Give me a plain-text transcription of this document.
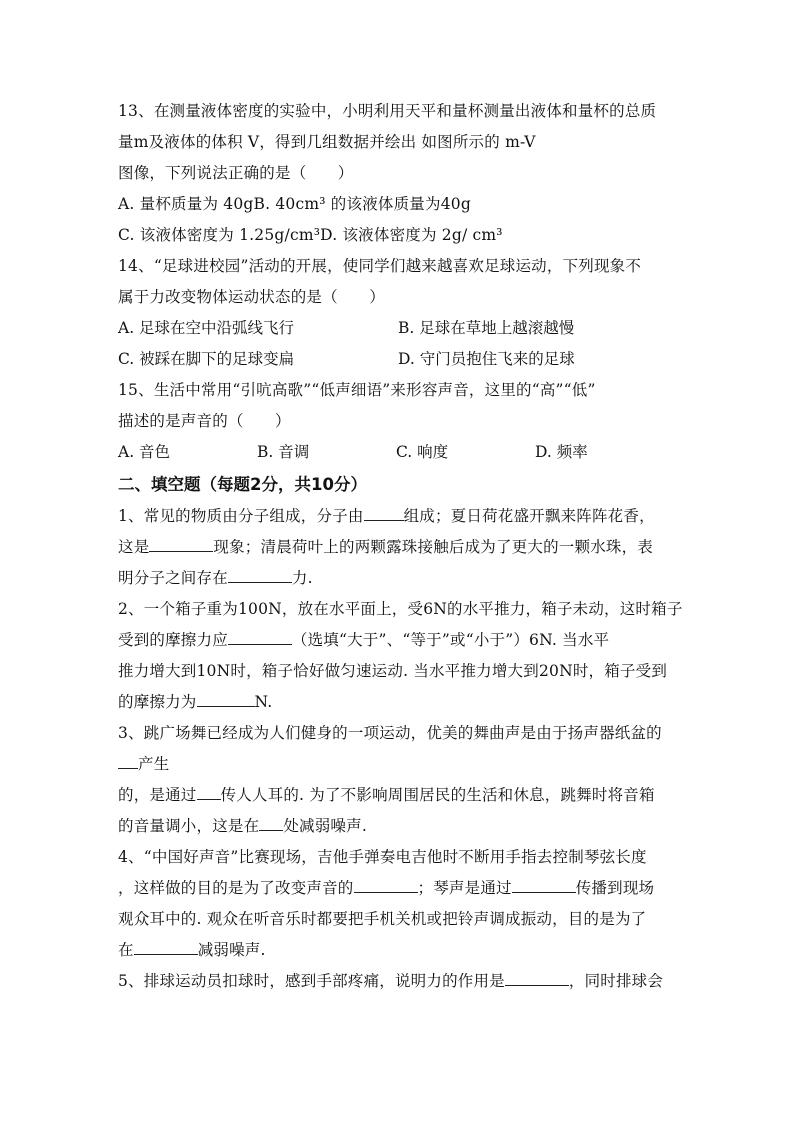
13、在测量液体密度的实验中，小明利用天平和量杯测量出液体和量杯的总质
量m及液体的体积 V，得到几组数据并绘出 如图所示的 m-V
图像，下列说法正确的是（　　）
A. 量杯质量为 40gB. 40cm³ 的该液体质量为40g
C. 该液体密度为 1.25g/cm³D. 该液体密度为 2g/ cm³
14、“足球进校园”活动的开展，使同学们越来越喜欢足球运动，下列现象不
属于力改变物体运动状态的是（　　）
A. 足球在空中沿弧线飞行	B. 足球在草地上越滚越慢
C. 被踩在脚下的足球变扁	D. 守门员抱住飞来的足球
15、生活中常用“引吭高歌”“低声细语”来形容声音，这里的“高”“低”
描述的是声音的（　　）
A. 音色	B. 音调	C. 响度	D. 频率
二、填空题（每题2分，共10分）
1、常见的物质由分子组成，分子由	组成；夏日荷花盛开飘来阵阵花香，
这是	现象；清晨荷叶上的两颗露珠接触后成为了更大的一颗水珠，表
明分子之间存在	力.
2、一个箱子重为100N，放在水平面上，受6N的水平推力，箱子未动，这时箱子
受到的摩擦力应	（选填“大于”、“等于”或“小于”）6N. 当水平
推力增大到10N时，箱子恰好做匀速运动. 当水平推力增大到20N时，箱子受到
的摩擦力为	N.
3、跳广场舞已经成为人们健身的一项运动，优美的舞曲声是由于扬声器纸盆的
产生
的，是通过 传人人耳的. 为了不影响周围居民的生活和休息，跳舞时将音箱
的音量调小，这是在 处减弱噪声.
4、“中国好声音”比赛现场，吉他手弹奏电吉他时不断用手指去控制琴弦长度
，这样做的目的是为了改变声音的	；琴声是通过	传播到现场
观众耳中的. 观众在听音乐时都要把手机关机或把铃声调成振动，目的是为了
在	减弱噪声.
5、排球运动员扣球时，感到手部疼痛，说明力的作用是	，同时排球会
